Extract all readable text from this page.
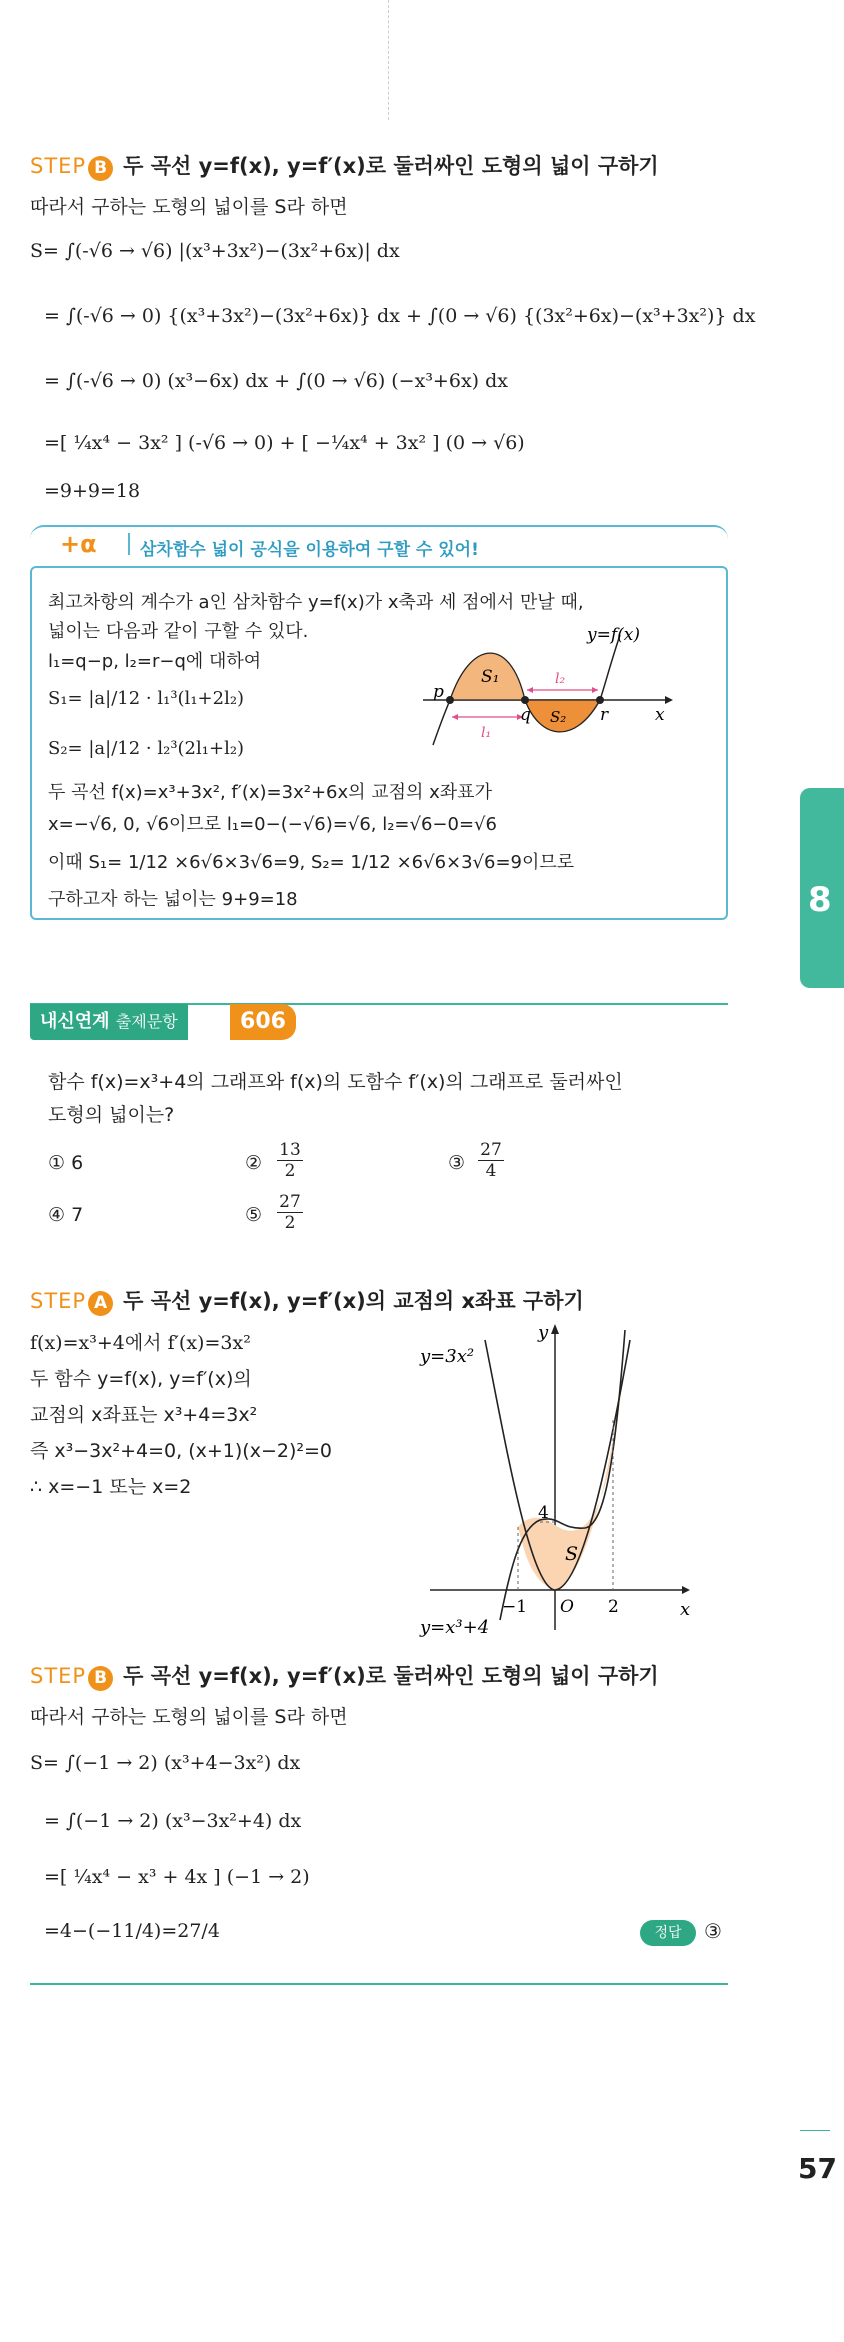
STEP B 두 곡선 y=f(x), y=f′(x)로 둘러싸인 도형의 넓이 구하기
따라서 구하는 도형의 넓이를 S라 하면
S= ∫(-√6 → √6) |(x³+3x²)−(3x²+6x)| dx
= ∫(-√6 → 0) {(x³+3x²)−(3x²+6x)} dx + ∫(0 → √6) {(3x²+6x)−(x³+3x²)} dx
= ∫(-√6 → 0) (x³−6x) dx + ∫(0 → √6) (−x³+6x) dx
=[ ¼x⁴ − 3x² ] (-√6 → 0) + [ −¼x⁴ + 3x² ] (0 → √6)
=9+9=18
+α	삼차함수 넓이 공식을 이용하여 구할 수 있어!
최고차항의 계수가 a인 삼차함수 y=f(x)가 x축과 세 점에서 만날 때,
넓이는 다음과 같이 구할 수 있다.
l₁=q−p, l₂=r−q에 대하여
S₁= |a|/12 · l₁³(l₁+2l₂)
S₂= |a|/12 · l₂³(2l₁+l₂)
두 곡선 f(x)=x³+3x², f′(x)=3x²+6x의 교점의 x좌표가
x=−√6, 0, √6이므로 l₁=0−(−√6)=√6, l₂=√6−0=√6
이때 S₁= 1/12 ×6√6×3√6=9, S₂= 1/12 ×6√6×3√6=9이므로
구하고자 하는 넓이는 9+9=18
p
q	r	x
S₁
S₂
l₂
l₁
y=f(x)
내신연계 출제문항	606
함수 f(x)=x³+4의 그래프와 f(x)의 도함수 f′(x)의 그래프로 둘러싸인
도형의 넓이는?
① 6	②
13
2	③
27
4
④ 7	⑤
27
2
STEP A 두 곡선 y=f(x), y=f′(x)의 교점의 x좌표 구하기
f(x)=x³+4에서 f′(x)=3x²
두 함수 y=f(x), y=f′(x)의
교점의 x좌표는 x³+4=3x²
즉 x³−3x²+4=0, (x+1)(x−2)²=0
∴ x=−1 또는 x=2
y=3x²
y=x³+4
y
x
4
S
−1 O 2
STEP B 두 곡선 y=f(x), y=f′(x)로 둘러싸인 도형의 넓이 구하기
따라서 구하는 도형의 넓이를 S라 하면
S= ∫(−1 → 2) (x³+4−3x²) dx
= ∫(−1 → 2) (x³−3x²+4) dx
=[ ¼x⁴ − x³ + 4x ] (−1 → 2)
=4−(−11/4)=27/4	정답	③
8
57
